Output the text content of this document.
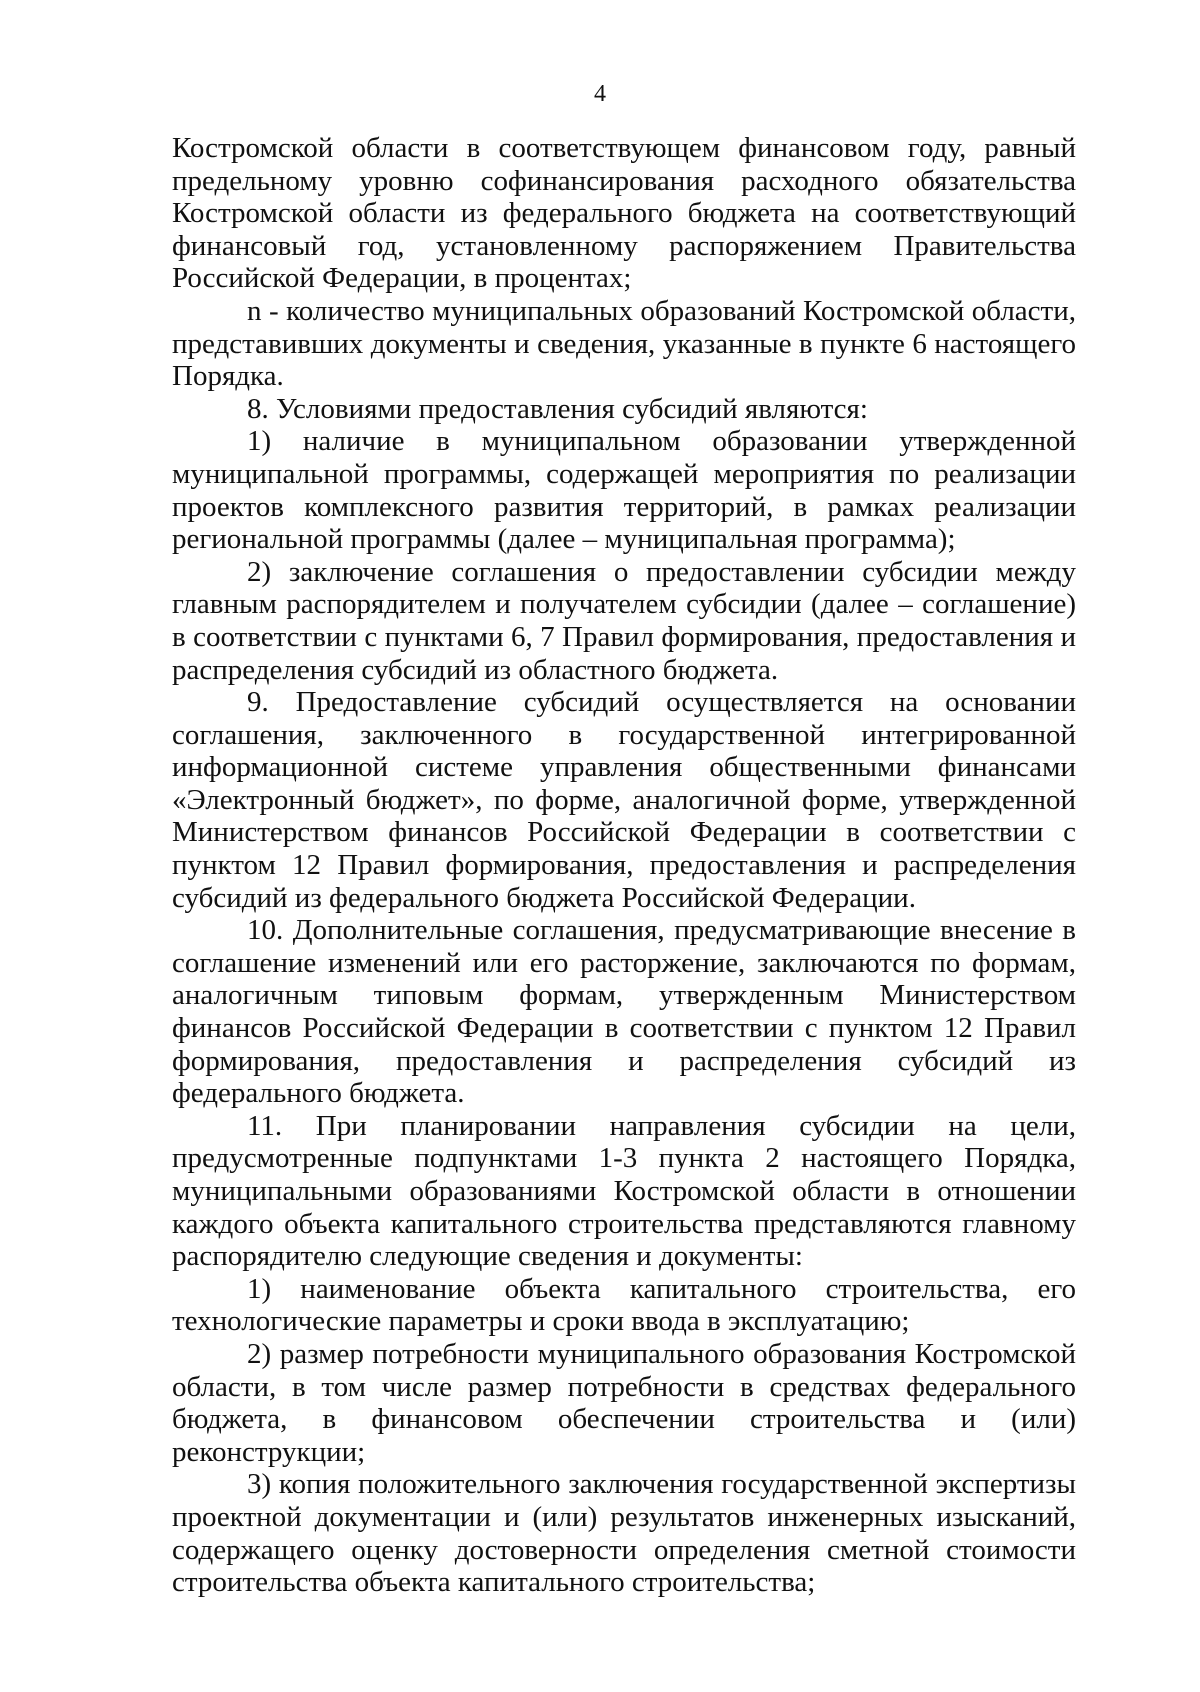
4

Костромской области в соответствующем финансовом году, равный предельному уровню софинансирования расходного обязательства Костромской области из федерального бюджета на соответствующий финансовый год, установленному распоряжением Правительства Российской Федерации, в процентах;

n - количество муниципальных образований Костромской области, представивших документы и сведения, указанные в пункте 6 настоящего Порядка.

8. Условиями предоставления субсидий являются:

1) наличие в муниципальном образовании утвержденной муниципальной программы, содержащей мероприятия по реализации проектов комплексного развития территорий, в рамках реализации региональной программы (далее – муниципальная программа);

2) заключение соглашения о предоставлении субсидии между главным распорядителем и получателем субсидии (далее – соглашение) в соответствии с пунктами 6, 7 Правил формирования, предоставления и распределения субсидий из областного бюджета.

9. Предоставление субсидий осуществляется на основании соглашения, заключенного в государственной интегрированной информационной системе управления общественными финансами «Электронный бюджет», по форме, аналогичной форме, утвержденной Министерством финансов Российской Федерации в соответствии с пунктом 12 Правил формирования, предоставления и распределения субсидий из федерального бюджета Российской Федерации.

10. Дополнительные соглашения, предусматривающие внесение в соглашение изменений или его расторжение, заключаются по формам, аналогичным типовым формам, утвержденным Министерством финансов Российской Федерации в соответствии с пунктом 12 Правил формирования, предоставления и распределения субсидий из федерального бюджета.

11. При планировании направления субсидии на цели, предусмотренные подпунктами 1-3 пункта 2 настоящего Порядка, муниципальными образованиями Костромской области в отношении каждого объекта капитального строительства представляются главному распорядителю следующие сведения и документы:

1) наименование объекта капитального строительства, его технологические параметры и сроки ввода в эксплуатацию;

2) размер потребности муниципального образования Костромской области, в том числе размер потребности в средствах федерального бюджета, в финансовом обеспечении строительства и (или) реконструкции;

3) копия положительного заключения государственной экспертизы проектной документации и (или) результатов инженерных изысканий, содержащего оценку достоверности определения сметной стоимости строительства объекта капитального строительства;
